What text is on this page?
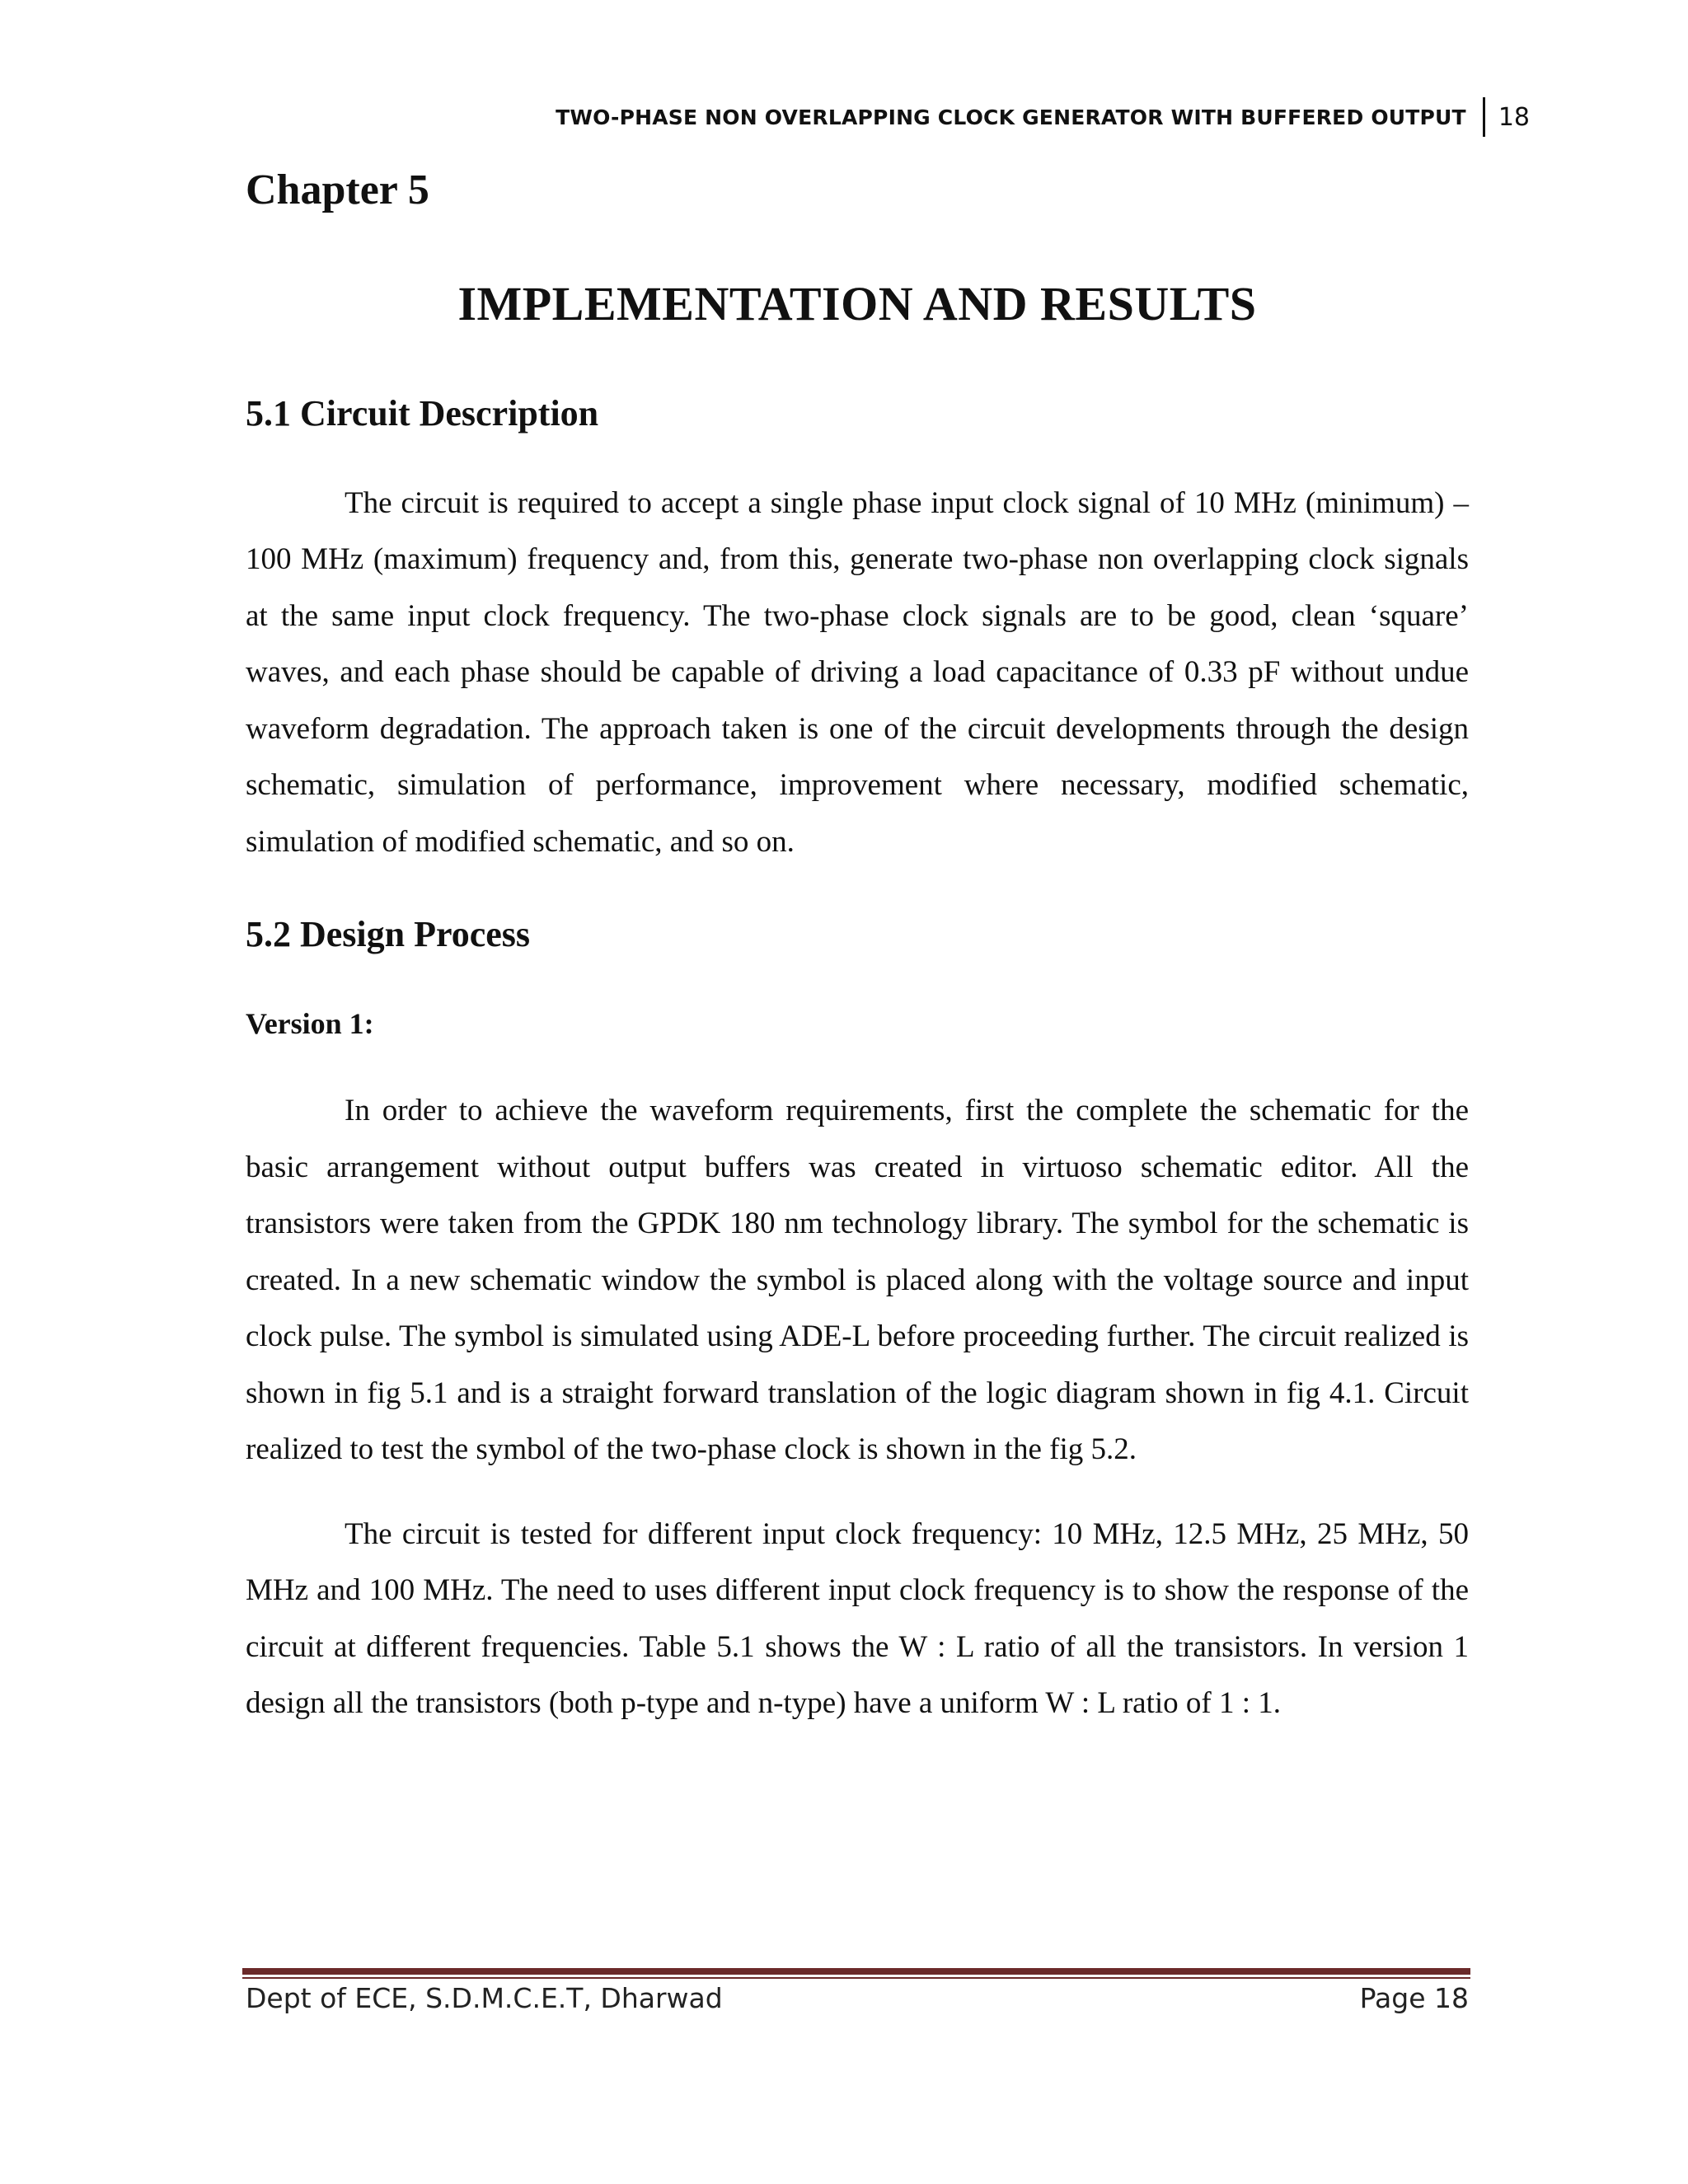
TWO-PHASE NON OVERLAPPING CLOCK GENERATOR WITH BUFFERED OUTPUT	18
Chapter 5
IMPLEMENTATION AND RESULTS
5.1 Circuit Description

The circuit is required to accept a single phase input clock signal of 10 MHz (minimum) – 100 MHz (maximum) frequency and, from this, generate two-phase non overlapping clock signals at the same input clock frequency. The two-phase clock signals are to be good, clean ‘square’ waves, and each phase should be capable of driving a load capacitance of 0.33 pF without undue waveform degradation. The approach taken is one of the circuit developments through the design schematic, simulation of performance, improvement where necessary, modified schematic, simulation of modified schematic, and so on.

5.2 Design Process
Version 1:

In order to achieve the waveform requirements, first the complete the schematic for the basic arrangement without output buffers was created in virtuoso schematic editor. All the transistors were taken from the GPDK 180 nm technology library. The symbol for the schematic is created. In a new schematic window the symbol is placed along with the voltage source and input clock pulse. The symbol is simulated using ADE-L before proceeding further. The circuit realized is shown in fig 5.1 and is a straight forward translation of the logic diagram shown in fig 4.1. Circuit realized to test the symbol of the two-phase clock is shown in the fig 5.2.

The circuit is tested for different input clock frequency: 10 MHz, 12.5 MHz, 25 MHz, 50 MHz and 100 MHz. The need to uses different input clock frequency is to show the response of the circuit at different frequencies. Table 5.1 shows the W : L ratio of all the transistors. In version 1 design all the transistors (both p-type and n-type) have a uniform W : L ratio of 1 : 1.

Dept of ECE, S.D.M.C.E.T, Dharwad	Page 18
